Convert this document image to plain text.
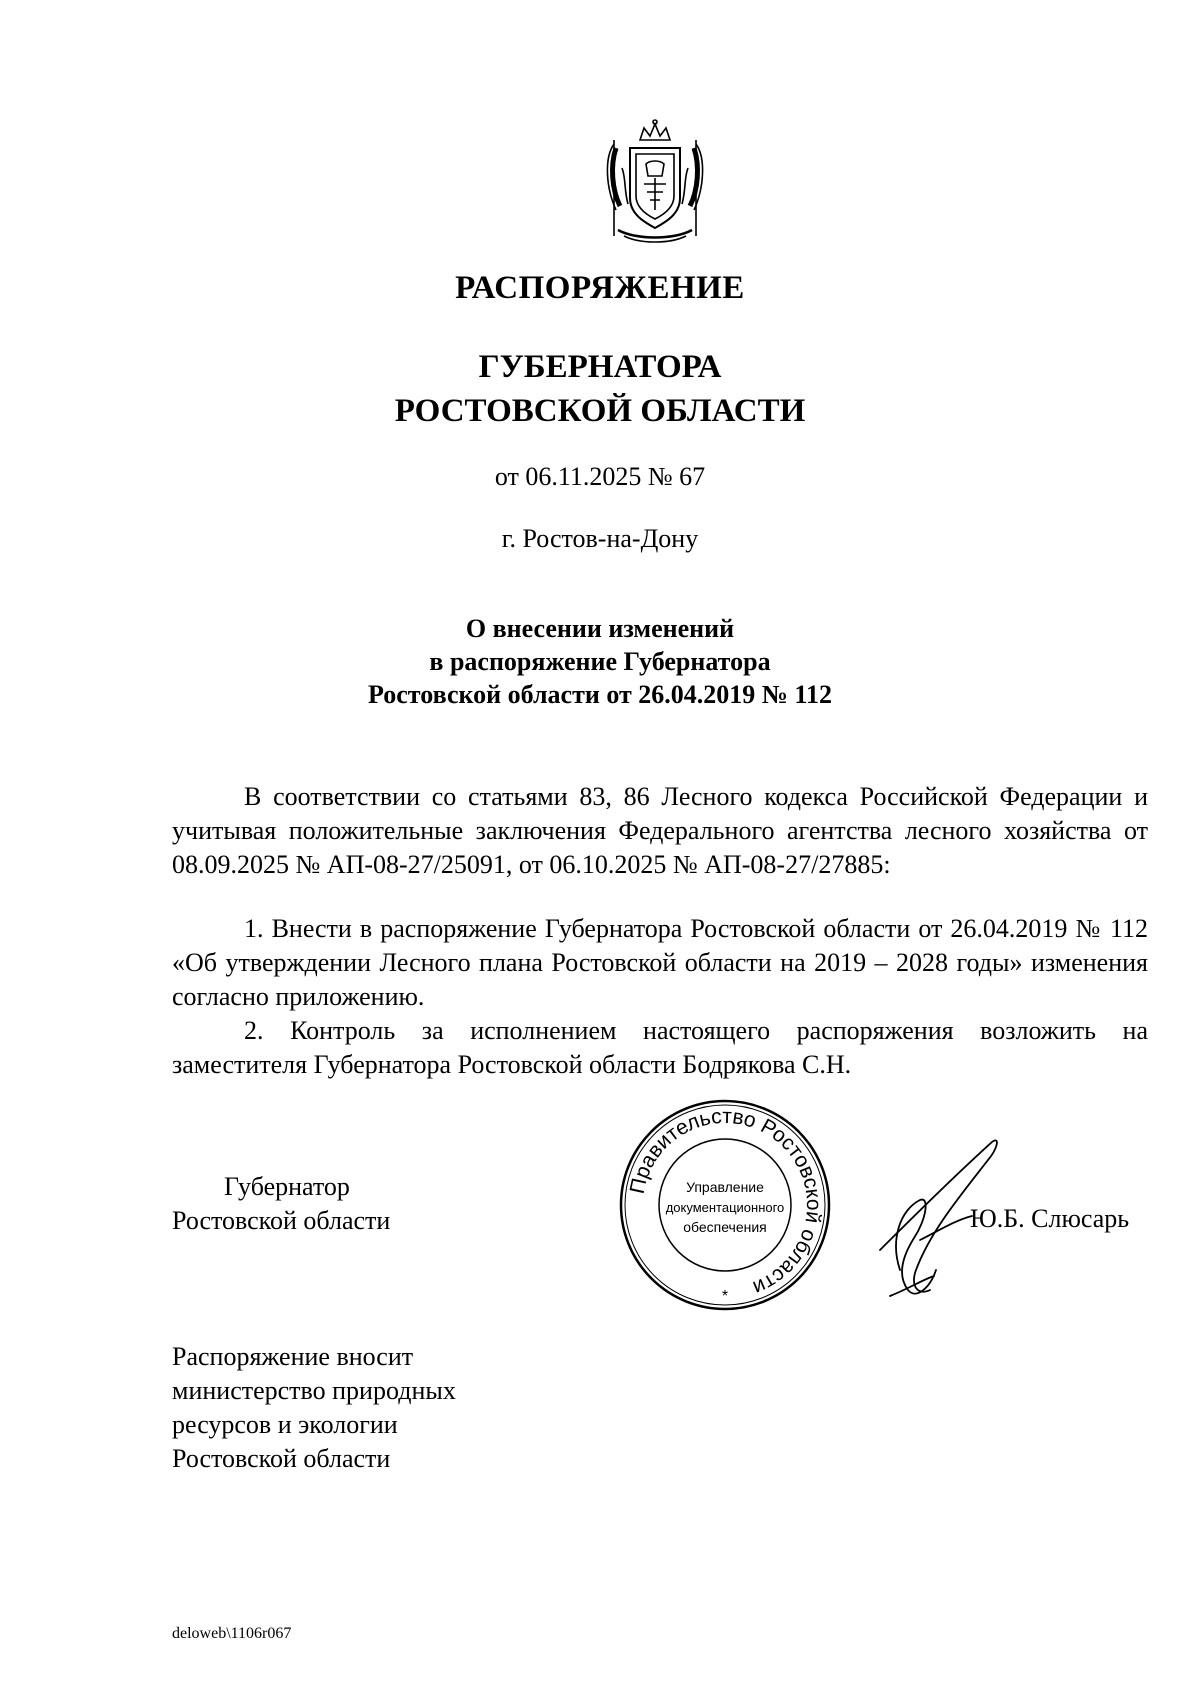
РАСПОРЯЖЕНИЕ
ГУБЕРНАТОРА
РОСТОВСКОЙ ОБЛАСТИ
от 06.11.2025 № 67
г. Ростов-на-Дону
О внесении изменений
в распоряжение Губернатора
Ростовской области от 26.04.2019 № 112

В соответствии со статьями 83, 86 Лесного кодекса Российской Федерации и учитывая положительные заключения Федерального агентства лесного хозяйства от 08.09.2025 № АП-08-27/25091, от 06.10.2025 № АП-08-27/27885:

1. Внести в распоряжение Губернатора Ростовской области от 26.04.2019 № 112 «Об утверждении Лесного плана Ростовской области на 2019 – 2028 годы» изменения согласно приложению.

2. Контроль за исполнением настоящего распоряжения возложить на заместителя Губернатора Ростовской области Бодрякова С.Н.

Губернатор
Ростовской области
Правительство Ростовской области
Управление
документационного
обеспечения
*
Ю.Б. Слюсарь
Распоряжение вносит
министерство природных
ресурсов и экологии
Ростовской области
deloweb\1106r067
